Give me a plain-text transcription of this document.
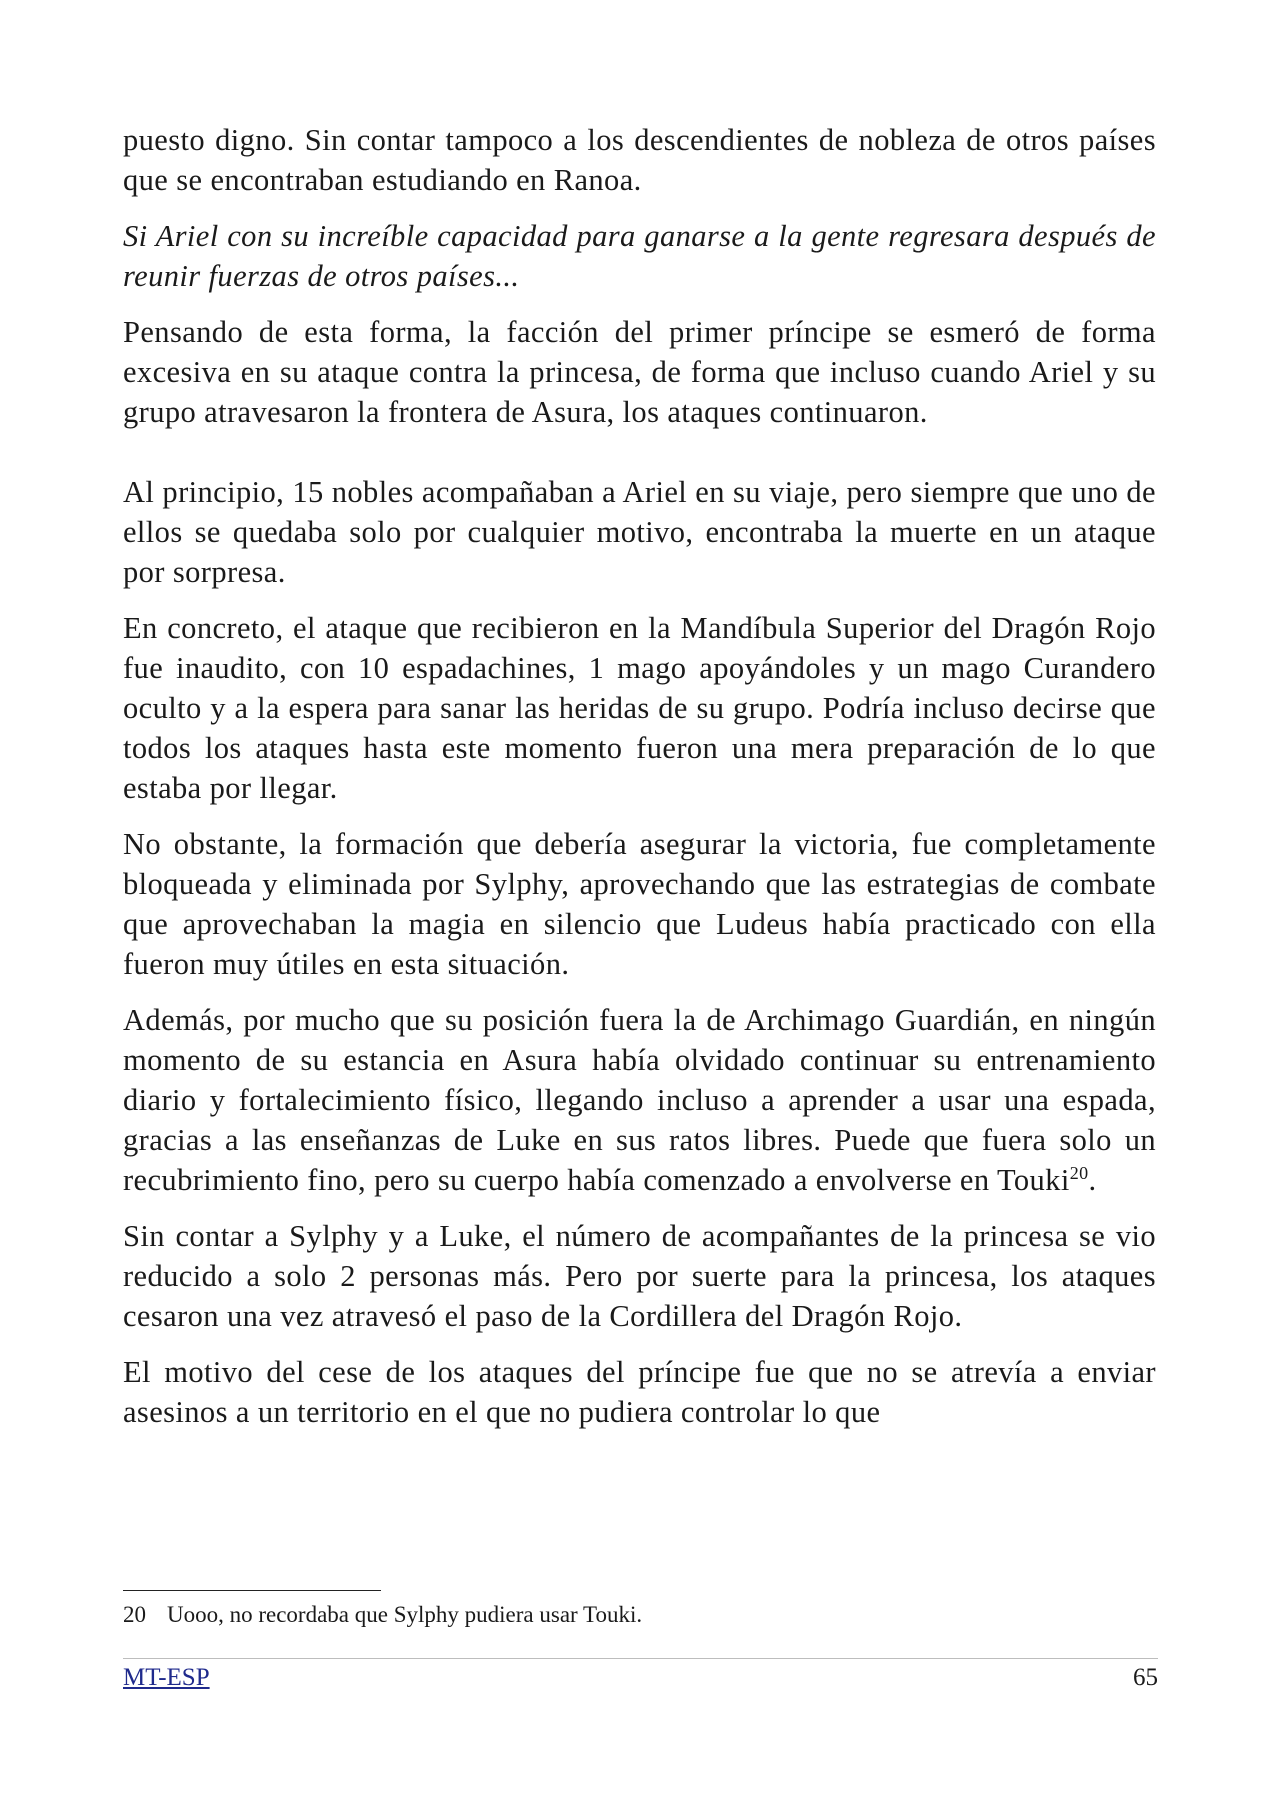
puesto digno. Sin contar tampoco a los descendientes de nobleza de otros países que se encontraban estudiando en Ranoa.

Si Ariel con su increíble capacidad para ganarse a la gente regresara después de reunir fuerzas de otros países...

Pensando de esta forma, la facción del primer príncipe se esmeró de forma excesiva en su ataque contra la princesa, de forma que incluso cuando Ariel y su grupo atravesaron la frontera de Asura, los ataques continuaron.

Al principio, 15 nobles acompañaban a Ariel en su viaje, pero siempre que uno de ellos se quedaba solo por cualquier motivo, encontraba la muerte en un ataque por sorpresa.

En concreto, el ataque que recibieron en la Mandíbula Superior del Dragón Rojo fue inaudito, con 10 espadachines, 1 mago apoyándoles y un mago Curandero oculto y a la espera para sanar las heridas de su grupo. Podría incluso decirse que todos los ataques hasta este momento fueron una mera preparación de lo que estaba por llegar.

No obstante, la formación que debería asegurar la victoria, fue completamente bloqueada y eliminada por Sylphy, aprovechando que las estrategias de combate que aprovechaban la magia en silencio que Ludeus había practicado con ella fueron muy útiles en esta situación.

Además, por mucho que su posición fuera la de Archimago Guardián, en ningún momento de su estancia en Asura había olvidado continuar su entrenamiento diario y fortalecimiento físico, llegando incluso a aprender a usar una espada, gracias a las enseñanzas de Luke en sus ratos libres. Puede que fuera solo un recubrimiento fino, pero su cuerpo había comenzado a envolverse en Touki$^{20}$.

Sin contar a Sylphy y a Luke, el número de acompañantes de la princesa se vio reducido a solo 2 personas más. Pero por suerte para la princesa, los ataques cesaron una vez atravesó el paso de la Cordillera del Dragón Rojo.

El motivo del cese de los ataques del príncipe fue que no se atrevía a enviar asesinos a un territorio en el que no pudiera controlar lo que

20 Uooo, no recordaba que Sylphy pudiera usar Touki.
MT-ESP	65
